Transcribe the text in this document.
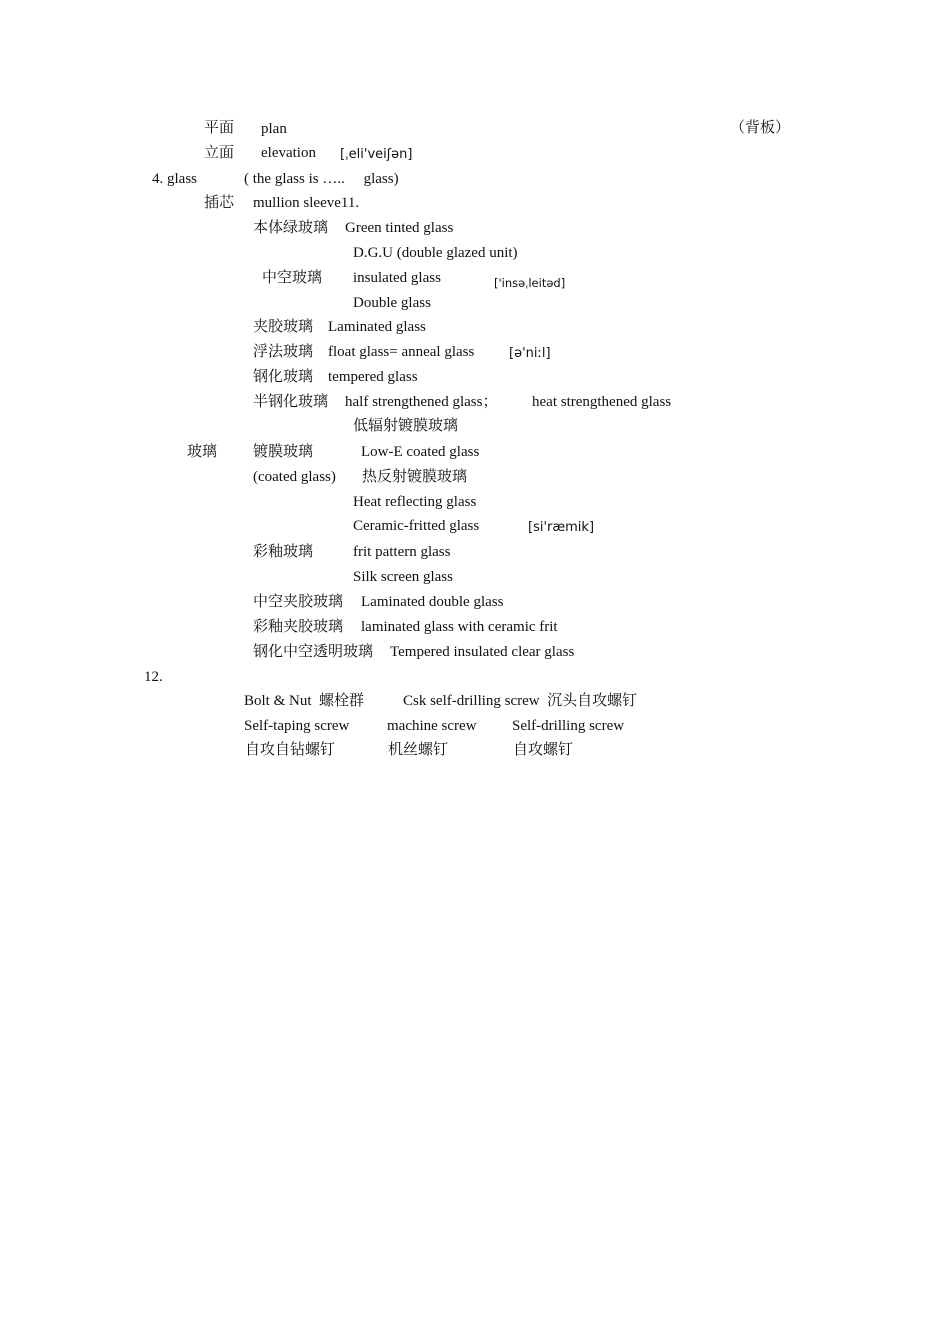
平面 plan	（背板）
立面 elevation [ˌeli'veiʃən]
4. glass	( the glass is …..     glass)
插芯 mullion sleeve11.
本体绿玻璃 Green tinted glass
D.G.U (double glazed unit)
中空玻璃 insulated glass	['insəˌleitəd]
Double glass
夹胶玻璃 Laminated glass
浮法玻璃 float glass= anneal glass	[ə'niːl]
钢化玻璃 tempered glass
半钢化玻璃 half strengthened glass； heat strengthened glass
低辐射镀膜玻璃
玻璃 镀膜玻璃	Low-E coated glass
(coated glass) 热反射镀膜玻璃
Heat reflecting glass
Ceramic-fritted glass	[si'ræmik]
彩釉玻璃	frit pattern glass
Silk screen glass
中空夹胶玻璃 Laminated double glass
彩釉夹胶玻璃 laminated glass with ceramic frit
钢化中空透明玻璃 Tempered insulated clear glass
12.
Bolt & Nut  螺栓群	Csk self-drilling screw  沉头自攻螺钉
Self-taping screw	machine screw Self-drilling screw
自攻自钻螺钉	机丝螺钉	自攻螺钉
